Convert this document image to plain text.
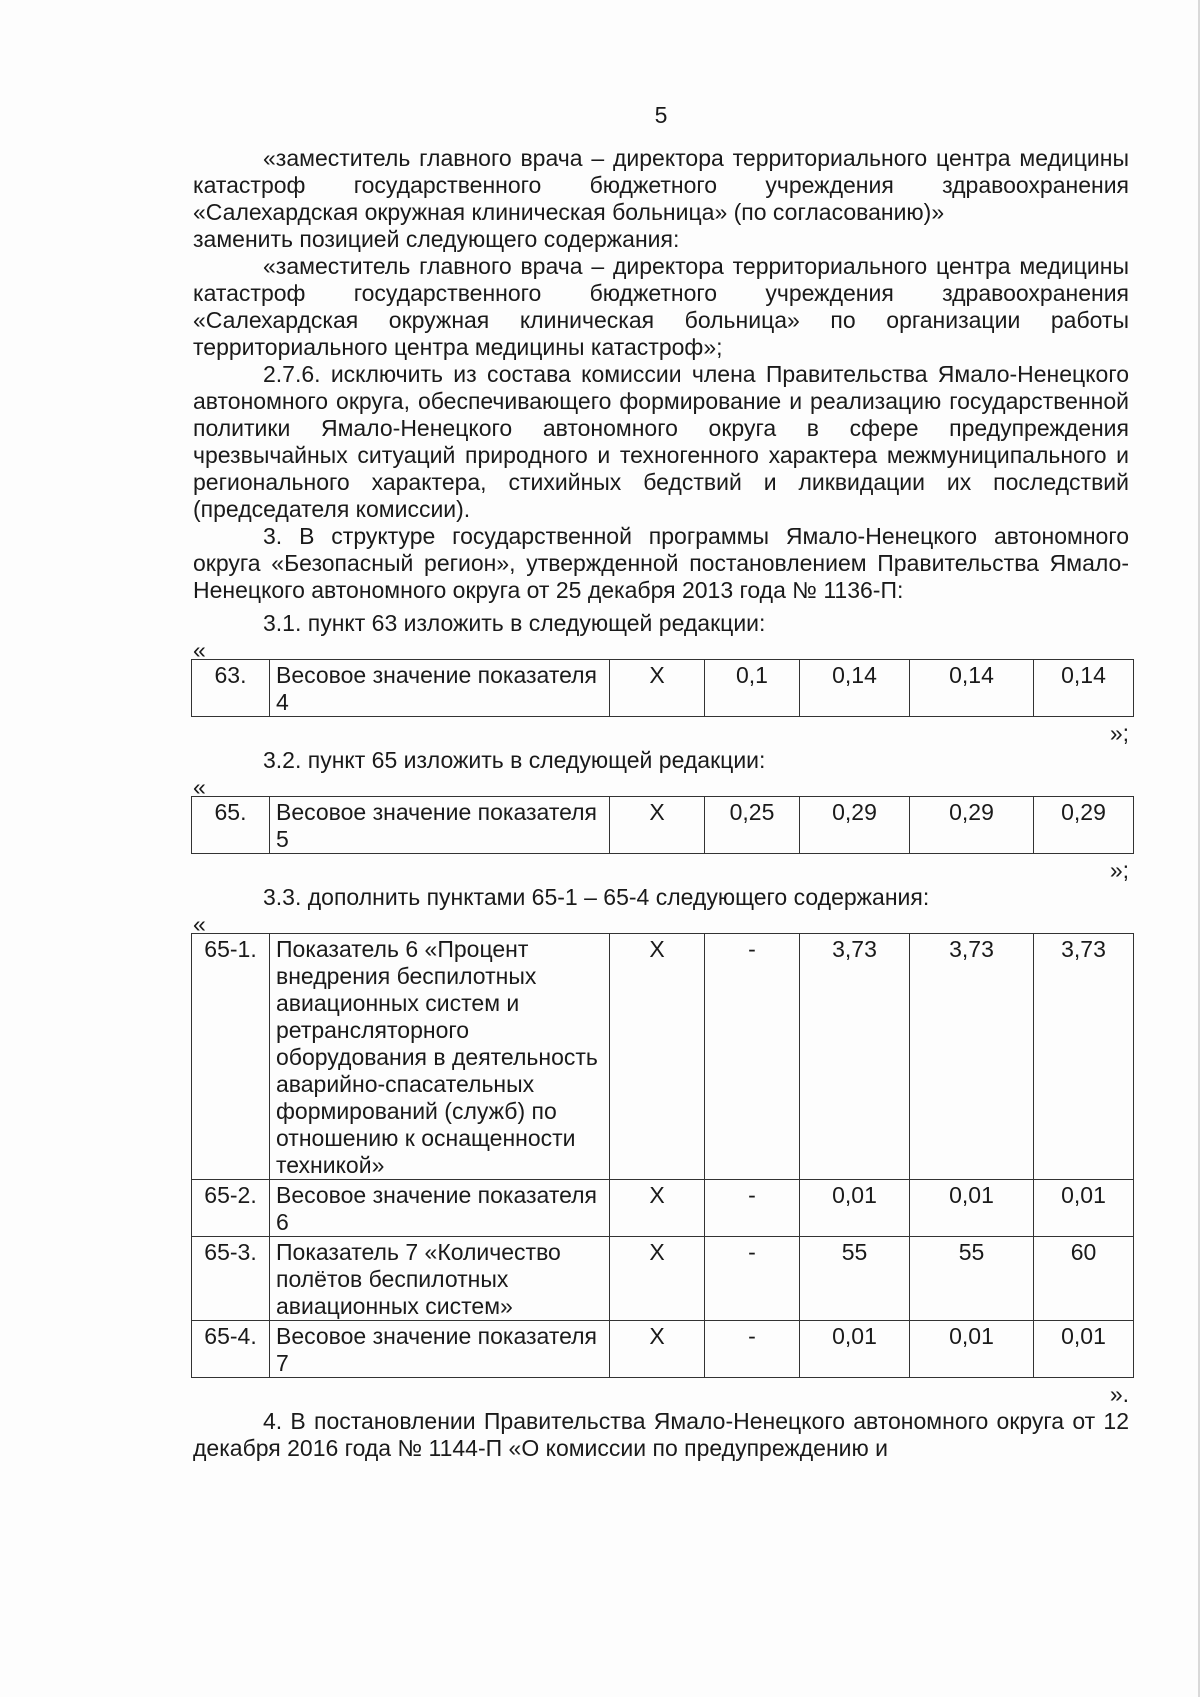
5

«заместитель главного врача – директора территориального центра медицины катастроф государственного бюджетного учреждения здравоохранения «Салехардская окружная клиническая больница» (по согласованию)»

заменить позицией следующего содержания:

«заместитель главного врача – директора территориального центра медицины катастроф государственного бюджетного учреждения здравоохранения «Салехардская окружная клиническая больница» по организации работы территориального центра медицины катастроф»;

2.7.6. исключить из состава комиссии члена Правительства Ямало-Ненецкого автономного округа, обеспечивающего формирование и реализацию государственной политики Ямало-Ненецкого автономного округа в сфере предупреждения чрезвычайных ситуаций природного и техногенного характера межмуниципального и регионального характера, стихийных бедствий и ликвидации их последствий (председателя комиссии).

3. В структуре государственной программы Ямало-Ненецкого автономного округа «Безопасный регион», утвержденной постановлением Правительства Ямало-Ненецкого автономного округа от 25 декабря 2013 года № 1136-П:

3.1. пункт 63 изложить в следующей редакции:

«
63.	Весовое значение показателя 4	X	0,1	0,14	0,14	0,14
»;

3.2. пункт 65 изложить в следующей редакции:

«
65.	Весовое значение показателя 5	X	0,25	0,29	0,29	0,29
»;

3.3. дополнить пунктами 65-1 – 65-4 следующего содержания:

«
65-1.	Показатель 6 «Процент внедрения беспилотных авиационных систем и ретрансляторного оборудования в деятельность аварийно-спасательных формирований (служб) по отношению к оснащенности техникой»	X	-	3,73	3,73	3,73
65-2.	Весовое значение показателя 6	X	-	0,01	0,01	0,01
65-3.	Показатель 7 «Количество полётов беспилотных авиационных систем»	X	-	55	55	60
65-4.	Весовое значение показателя 7	X	-	0,01	0,01	0,01
».

4. В постановлении Правительства Ямало-Ненецкого автономного округа от 12 декабря 2016 года № 1144-П «О комиссии по предупреждению и
